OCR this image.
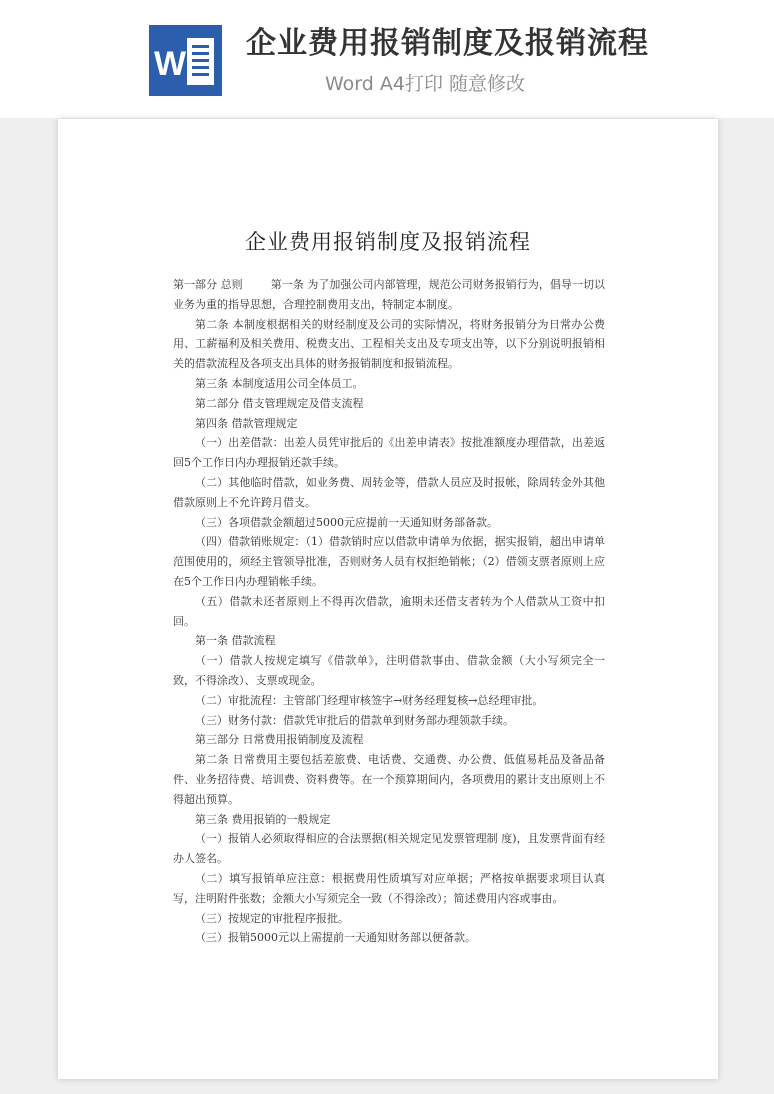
W
企业费用报销制度及报销流程
Word A4打印 随意修改
企业费用报销制度及报销流程

第一部分 总则	第一条 为了加强公司内部管理，规范公司财务报销行为，倡导一切以业务为重的指导思想，合理控制费用支出，特制定本制度。

第二条 本制度根据相关的财经制度及公司的实际情况，将财务报销分为日常办公费用、工薪福利及相关费用、税费支出、工程相关支出及专项支出等，以下分别说明报销相关的借款流程及各项支出具体的财务报销制度和报销流程。

第三条 本制度适用公司全体员工。

第二部分 借支管理规定及借支流程

第四条 借款管理规定

（一）出差借款：出差人员凭审批后的《出差申请表》按批准额度办理借款，出差返回5个工作日内办理报销还款手续。

（二）其他临时借款，如业务费、周转金等，借款人员应及时报帐，除周转金外其他借款原则上不允许跨月借支。

（三）各项借款金额超过5000元应提前一天通知财务部备款。

（四）借款销账规定：（1）借款销时应以借款申请单为依据，据实报销，超出申请单范围使用的，须经主管领导批准，否则财务人员有权拒绝销帐；（2）借领支票者原则上应在5个工作日内办理销帐手续。

（五）借款未还者原则上不得再次借款，逾期未还借支者转为个人借款从工资中扣回。

第一条 借款流程

（一）借款人按规定填写《借款单》，注明借款事由、借款金额（大小写须完全一致，不得涂改）、支票或现金。

（二）审批流程：主管部门经理审核签字→财务经理复核→总经理审批。

（三）财务付款：借款凭审批后的借款单到财务部办理领款手续。

第三部分 日常费用报销制度及流程

第二条 日常费用主要包括差旅费、电话费、交通费、办公费、低值易耗品及备品备件、业务招待费、培训费、资料费等。在一个预算期间内，各项费用的累计支出原则上不得超出预算。

第三条 费用报销的一般规定

（一）报销人必须取得相应的合法票据(相关规定见发票管理制 度)，且发票背面有经办人签名。

（二）填写报销单应注意：根据费用性质填写对应单据；严格按单据要求项目认真写，注明附件张数；金额大小写须完全一致（不得涂改）；简述费用内容或事由。

（三）按规定的审批程序报批。

（三）报销5000元以上需提前一天通知财务部以便备款。
